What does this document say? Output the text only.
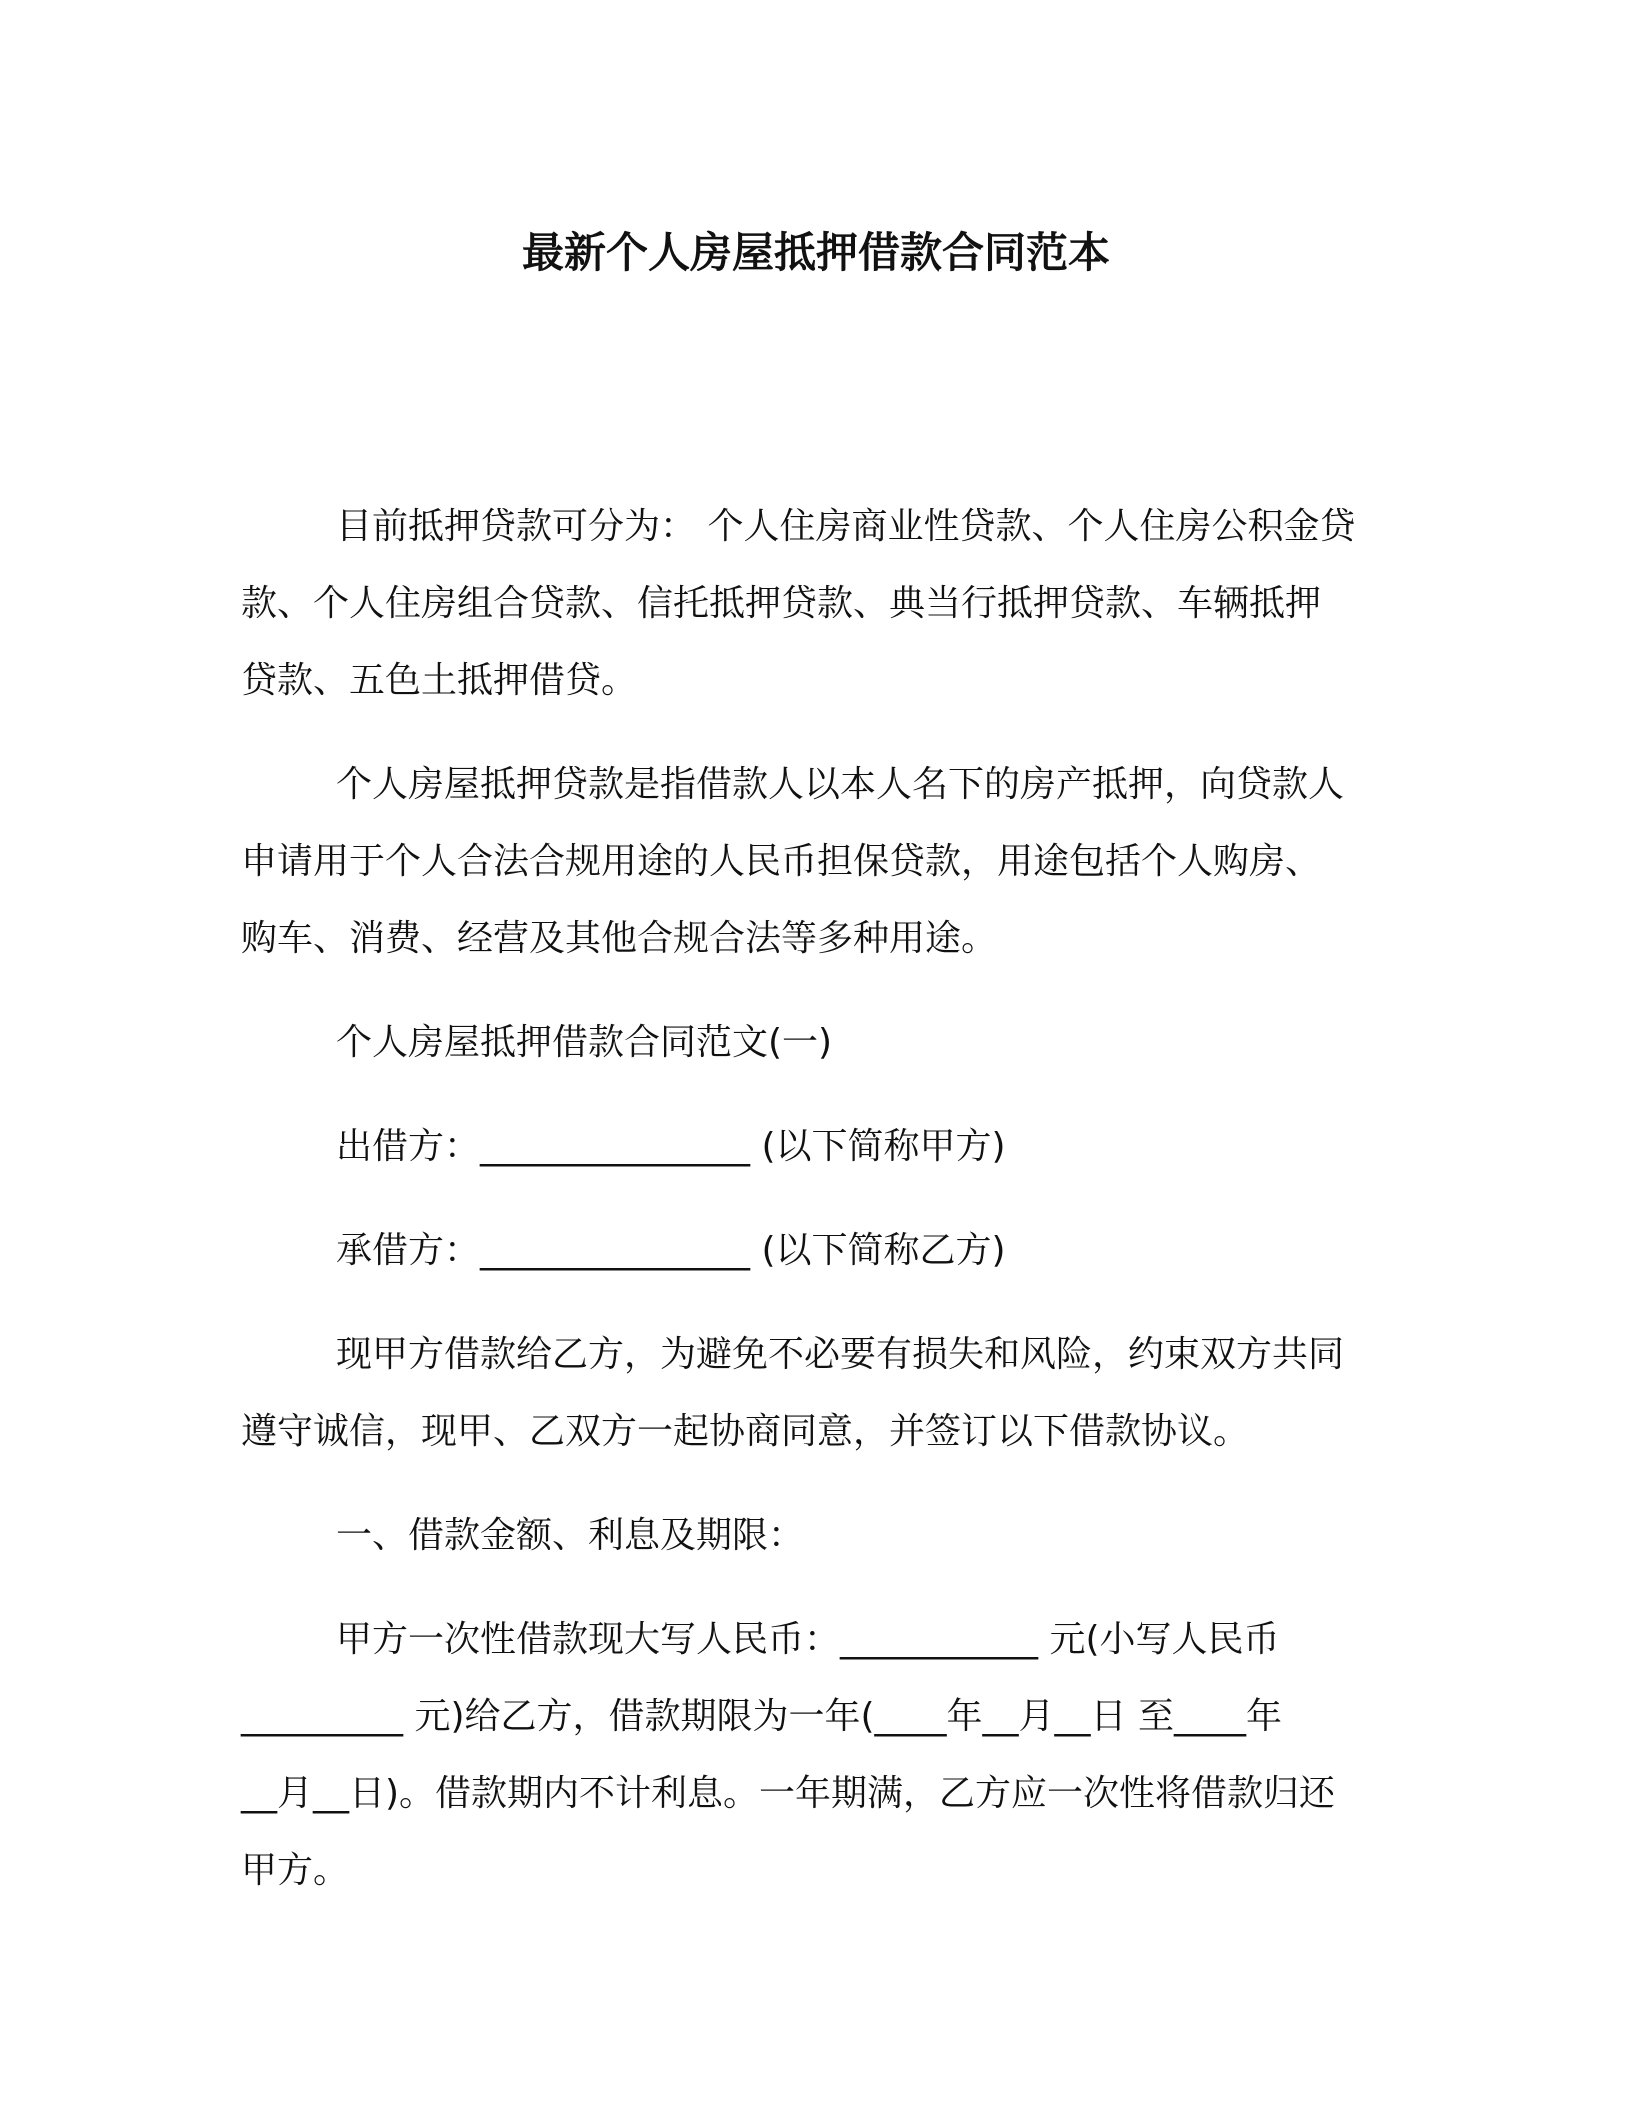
最新个人房屋抵押借款合同范本

目前抵押贷款可分为： 个人住房商业性贷款、个人住房公积金贷
款、个人住房组合贷款、信托抵押贷款、典当行抵押贷款、车辆抵押
贷款、五色土抵押借贷。

个人房屋抵押贷款是指借款人以本人名下的房产抵押，向贷款人
申请用于个人合法合规用途的人民币担保贷款，用途包括个人购房、
购车、消费、经营及其他合规合法等多种用途。

个人房屋抵押借款合同范文(一)

出借方：_______________ (以下简称甲方)

承借方：_______________ (以下简称乙方)

现甲方借款给乙方，为避免不必要有损失和风险，约束双方共同
遵守诚信，现甲、乙双方一起协商同意，并签订以下借款协议。

一、借款金额、利息及期限：

甲方一次性借款现大写人民币：___________ 元(小写人民币
_________ 元)给乙方，借款期限为一年(____年__月__日 至____年
__月__日)。借款期内不计利息。一年期满，乙方应一次性将借款归还
甲方。
